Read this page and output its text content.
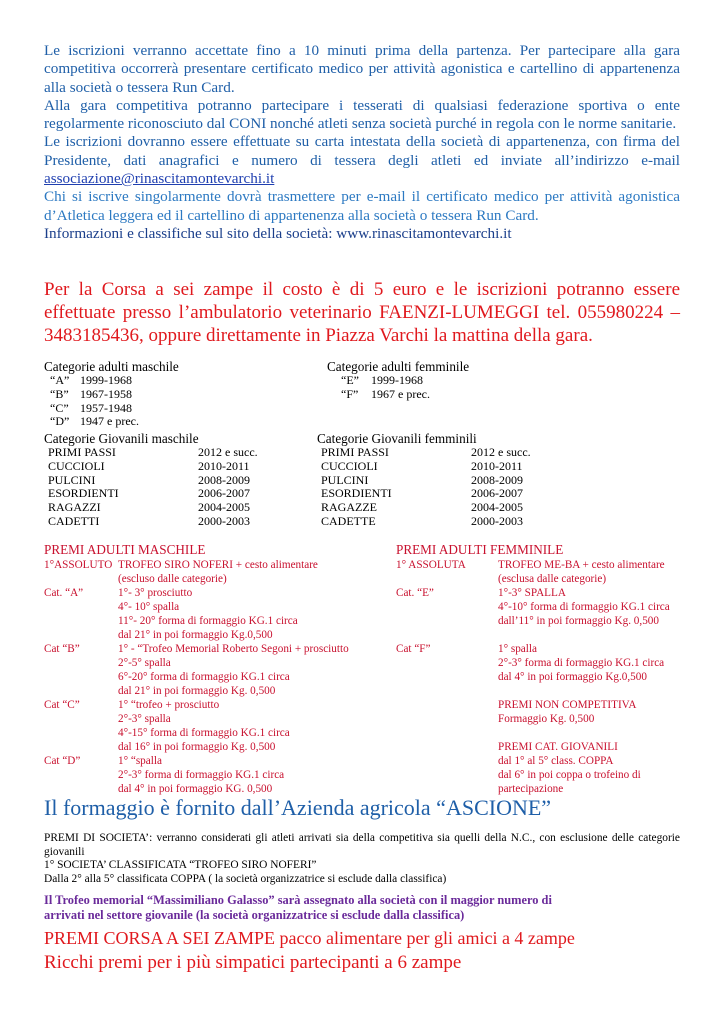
Le iscrizioni verranno accettate fino a 10 minuti prima della partenza. Per partecipare alla gara competitiva occorrerà presentare certificato medico per attività agonistica e cartellino di appartenenza alla società o tessera Run Card.

Alla gara competitiva potranno partecipare i tesserati di qualsiasi federazione sportiva o ente regolarmente riconosciuto dal CONI nonché atleti senza società purché in regola con le norme sanitarie.

Le iscrizioni dovranno essere effettuate su carta intestata della società di appartenenza, con firma del Presidente, dati anagrafici e numero di tessera degli atleti ed inviate all’indirizzo e-mail associazione@rinascitamontevarchi.it

Chi si iscrive singolarmente dovrà trasmettere per e-mail il certificato medico per attività agonistica d’Atletica leggera ed il cartellino di appartenenza alla società o tessera Run Card.

Informazioni e classifiche sul sito della società: www.rinascitamontevarchi.it

Per la Corsa a sei zampe il costo è di 5 euro e le iscrizioni potranno essere effettuate presso l’ambulatorio veterinario FAENZI-LUMEGGI tel. 055980224 – 3483185436, oppure direttamente in Piazza Varchi la mattina della gara.
Categorie adulti maschile
“A” 1999-1968
“B” 1967-1958
“C” 1957-1948
“D” 1947 e prec.
Categorie adulti femminile
“E”	1999-1968
“F”	1967 e prec.
Categorie Giovanili maschile
PRIMI PASSI	2012 e succ.
CUCCIOLI	2010-2011
PULCINI	2008-2009
ESORDIENTI	2006-2007
RAGAZZI	2004-2005
CADETTI	2000-2003
Categorie Giovanili femminili
PRIMI PASSI	2012 e succ.
CUCCIOLI	2010-2011
PULCINI	2008-2009
ESORDIENTI	2006-2007
RAGAZZE	2004-2005
CADETTE	2000-2003
PREMI ADULTI MASCHILE
1°ASSOLUTO TROFEO SIRO NOFERI + cesto alimentare
(escluso dalle categorie)
Cat. “A”	1°- 3° prosciutto
4°- 10° spalla
11°- 20° forma di formaggio KG.1 circa
dal 21° in poi formaggio Kg.0,500
Cat “B”	1° - “Trofeo Memorial Roberto Segoni + prosciutto
2°-5° spalla
6°-20° forma di formaggio KG.1 circa
dal 21° in poi formaggio Kg. 0,500
Cat “C”	1° “trofeo + prosciutto
2°-3° spalla
4°-15° forma di formaggio KG.1 circa
dal 16° in poi formaggio Kg. 0,500
Cat “D”	1° “spalla
2°-3° forma di formaggio KG.1 circa
dal 4° in poi formaggio KG. 0,500
PREMI ADULTI FEMMINILE
1° ASSOLUTA	TROFEO ME-BA + cesto alimentare
(esclusa dalle categorie)
Cat. “E”	1°-3° SPALLA
4°-10° forma di formaggio KG.1 circa
dall’11° in poi formaggio Kg. 0,500
Cat “F”	1° spalla
2°-3° forma di formaggio KG.1 circa
dal 4° in poi formaggio Kg.0,500
PREMI NON COMPETITIVA
Formaggio Kg. 0,500
PREMI CAT. GIOVANILI
dal 1° al 5° class. COPPA
dal 6° in poi coppa o trofeino di partecipazione
Il formaggio è fornito dall’Azienda agricola “ASCIONE”
PREMI DI SOCIETA’: verranno considerati gli atleti arrivati sia della competitiva sia quelli della N.C., con esclusione delle categorie giovanili
1° SOCIETA’ CLASSIFICATA “TROFEO SIRO NOFERI”
Dalla 2° alla 5° classificata COPPA ( la società organizzatrice si esclude dalla classifica)
Il Trofeo memorial “Massimiliano Galasso” sarà assegnato alla società con il maggior numero di
arrivati nel settore giovanile (la società organizzatrice si esclude dalla classifica)
PREMI CORSA A SEI ZAMPE pacco alimentare per gli amici a 4 zampe
Ricchi premi per i più simpatici partecipanti a 6 zampe
